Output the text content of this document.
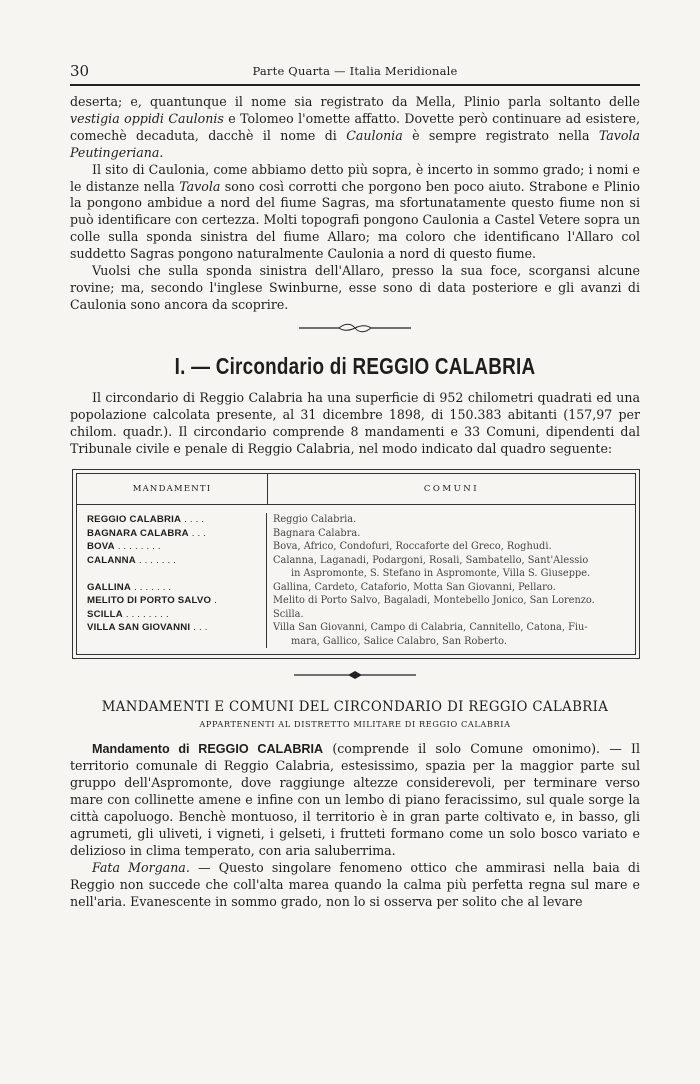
30	Parte Quarta — Italia Meridionale

deserta; e, quantunque il nome sia registrato da Mella, Plinio parla soltanto delle vestigia oppidi Caulonis e Tolomeo l'omette affatto. Dovette però continuare ad esistere, comechè decaduta, dacchè il nome di Caulonia è sempre registrato nella Tavola Peutingeriana.

Il sito di Caulonia, come abbiamo detto più sopra, è incerto in sommo grado; i nomi e le distanze nella Tavola sono così corrotti che porgono ben poco aiuto. Strabone e Plinio la pongono ambidue a nord del fiume Sagras, ma sfortunatamente questo fiume non si può identificare con certezza. Molti topografi pongono Caulonia a Castel Vetere sopra un colle sulla sponda sinistra del fiume Allaro; ma coloro che identificano l'Allaro col suddetto Sagras pongono naturalmente Caulonia a nord di questo fiume.

Vuolsi che sulla sponda sinistra dell'Allaro, presso la sua foce, scorgansi alcune rovine; ma, secondo l'inglese Swinburne, esse sono di data posteriore e gli avanzi di Caulonia sono ancora da scoprire.

I. — Circondario di REGGIO CALABRIA

Il circondario di Reggio Calabria ha una superficie di 952 chilometri quadrati ed una popolazione calcolata presente, al 31 dicembre 1898, di 150.383 abitanti (157,97 per chilom. quadr.). Il circondario comprende 8 mandamenti e 33 Comuni, dipendenti dal Tribunale civile e penale di Reggio Calabria, nel modo indicato dal quadro seguente:

MANDAMENTI	COMUNI
REGGIO CALABRIA . . . .
BAGNARA CALABRA . . .
BOVA . . . . . . . .
CALANNA . . . . . . .
GALLINA . . . . . . .
MELITO DI PORTO SALVO .
SCILLA . . . . . . . .
VILLA SAN GIOVANNI . . .
Reggio Calabria.
Bagnara Calabra.
Bova, Africo, Condofuri, Roccaforte del Greco, Roghudi.
Calanna, Laganadi, Podargoni, Rosali, Sambatello, Sant'Alessio
in Aspromonte, S. Stefano in Aspromonte, Villa S. Giuseppe.
Gallina, Cardeto, Cataforio, Motta San Giovanni, Pellaro.
Melito di Porto Salvo, Bagaladi, Montebello Jonico, San Lorenzo.
Scilla.
Villa San Giovanni, Campo di Calabria, Cannitello, Catona, Fiu-
mara, Gallico, Salice Calabro, San Roberto.
MANDAMENTI E COMUNI DEL CIRCONDARIO DI REGGIO CALABRIA
APPARTENENTI AL DISTRETTO MILITARE DI REGGIO CALABRIA

Mandamento di REGGIO CALABRIA (comprende il solo Comune omonimo). — Il territorio comunale di Reggio Calabria, estesissimo, spazia per la maggior parte sul gruppo dell'Aspromonte, dove raggiunge altezze considerevoli, per terminare verso mare con collinette amene e infine con un lembo di piano feracissimo, sul quale sorge la città capoluogo. Benchè montuoso, il territorio è in gran parte coltivato e, in basso, gli agrumeti, gli uliveti, i vigneti, i gelseti, i frutteti formano come un solo bosco variato e delizioso in clima temperato, con aria saluberrima.

Fata Morgana. — Questo singolare fenomeno ottico che ammirasi nella baia di Reggio non succede che coll'alta marea quando la calma più perfetta regna sul mare e nell'aria. Evanescente in sommo grado, non lo si osserva per solito che al levare
